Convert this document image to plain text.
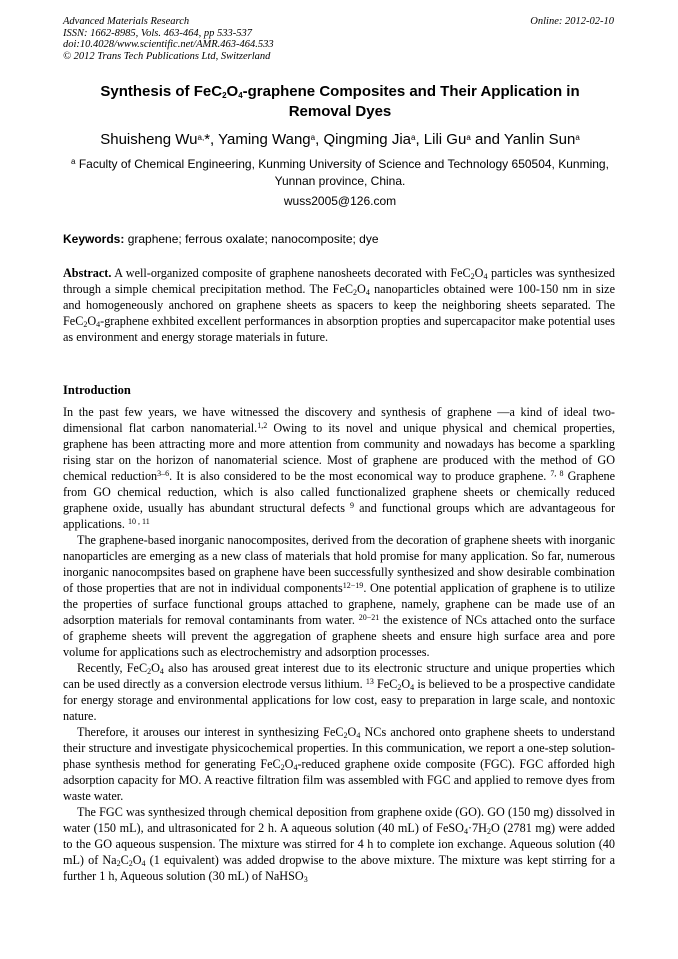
Advanced Materials Research
ISSN: 1662-8985, Vols. 463-464, pp 533-537
doi:10.4028/www.scientific.net/AMR.463-464.533
© 2012 Trans Tech Publications Ltd, Switzerland
Online: 2012-02-10
Synthesis of $FeC_2O_4$-graphene Composites and Their Application in Removal Dyes
Shuisheng $Wu^{a,}*$, Yaming Wang$^a$, Qingming Jia$^a$, Lili Gu$^a$ and Yanlin Sun$^a$
$^a$ Faculty of Chemical Engineering, Kunming University of Science and Technology 650504, Kunming, Yunnan province, China.
wuss2005@126.com
Keywords: graphene; ferrous oxalate; nanocomposite; dye
Abstract. A well-organized composite of graphene nanosheets decorated with $FeC_2O_4$ particles was synthesized through a simple chemical precipitation method. The $FeC_2O_4$ nanoparticles obtained were 100-150 nm in size and homogeneously anchored on graphene sheets as spacers to keep the neighboring sheets separated. The $FeC_2O_4$-graphene exhbited excellent performances in absorption propties and supercapacitor make potential uses as environment and energy storage materials in future.
Introduction

In the past few years, we have witnessed the discovery and synthesis of graphene —a kind of ideal two-dimensional flat carbon nanomaterial.$^{1,2}$ Owing to its novel and unique physical and chemical properties, graphene has been attracting more and more attention from community and nowadays has become a sparkling rising star on the horizon of nanomaterial science. Most of graphene are produced with the method of GO chemical reduction$^{3-6}$. It is also considered to be the most economical way to produce graphene. $^{7, 8}$ Graphene from GO chemical reduction, which is also called functionalized graphene sheets or chemically reduced graphene oxide, usually has abundant structural defects $^9$ and functional groups which are advantageous for applications. $^{10 , 11}$

The graphene-based inorganic nanocomposites, derived from the decoration of graphene sheets with inorganic nanoparticles are emerging as a new class of materials that hold promise for many application. So far, numerous inorganic nanocompsites based on graphene have been successfully synthesized and show desirable combination of those properties that are not in individual components$^{12-19}$. One potential application of graphene is to utilize the properties of surface functional groups attached to graphene, namely, graphene can be made use of an adsorption materials for removal contaminants from water. $^{20-21}$ the existence of NCs attached onto the surface of grapheme sheets will prevent the aggregation of graphene sheets and ensure high surface area and pore volume for applications such as electrochemistry and adsorption processes.

Recently, $FeC_2O_4$ also has aroused great interest due to its electronic structure and unique properties which can be used directly as a conversion electrode versus lithium. $^{13}$ $FeC_2O_4$ is believed to be a prospective candidate for energy storage and environmental applications for low cost, easy to preparation in large scale, and nontoxic nature.

Therefore, it arouses our interest in synthesizing $FeC_2O_4$ NCs anchored onto graphene sheets to understand their structure and investigate physicochemical properties. In this communication, we report a one-step solution-phase synthesis method for generating $FeC_2O_4$-reduced graphene oxide composite (FGC). FGC afforded high adsorption capacity for MO. A reactive filtration film was assembled with FGC and applied to remove dyes from waste water.

The FGC was synthesized through chemical deposition from graphene oxide (GO). GO (150 mg) dissolved in water (150 mL), and ultrasonicated for 2 h. A aqueous solution (40 mL) of $FeSO_4\cdot 7H_2O$ (2781 mg) were added to the GO aqueous suspension. The mixture was stirred for 4 h to complete ion exchange. Aqueous solution (40 mL) of $Na_2C_2O_4$ (1 equivalent) was added dropwise to the above mixture. The mixture was kept stirring for a further 1 h, Aqueous solution (30 mL) of NaHSO$_3$
